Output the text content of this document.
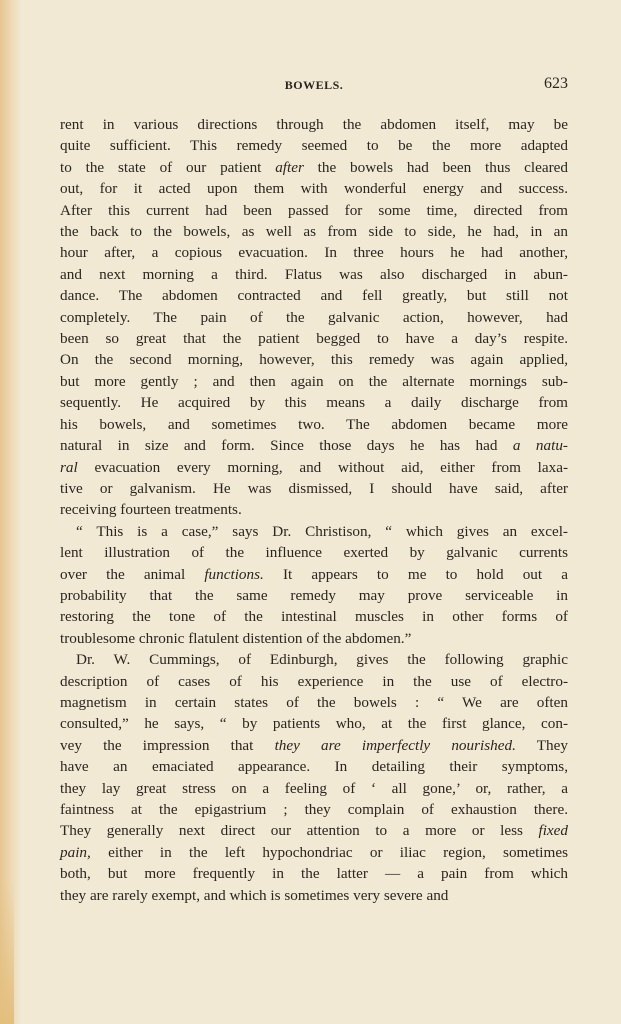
BOWELS.	623

rent in various directions through the abdomen itself, may be
quite sufficient. This remedy seemed to be the more adapted
to the state of our patient after the bowels had been thus cleared
out, for it acted upon them with wonderful energy and success.
After this current had been passed for some time, directed from
the back to the bowels, as well as from side to side, he had, in an
hour after, a copious evacuation. In three hours he had another,
and next morning a third. Flatus was also discharged in abun-
dance. The abdomen contracted and fell greatly, but still not
completely. The pain of the galvanic action, however, had
been so great that the patient begged to have a day’s respite.
On the second morning, however, this remedy was again applied,
but more gently ; and then again on the alternate mornings sub-
sequently. He acquired by this means a daily discharge from
his bowels, and sometimes two. The abdomen became more
natural in size and form. Since those days he has had a natu-
ral evacuation every morning, and without aid, either from laxa-
tive or galvanism. He was dismissed, I should have said, after
receiving fourteen treatments.

“ This is a case,” says Dr. Christison, “ which gives an excel-
lent illustration of the influence exerted by galvanic currents
over the animal functions. It appears to me to hold out a
probability that the same remedy may prove serviceable in
restoring the tone of the intestinal muscles in other forms of
troublesome chronic flatulent distention of the abdomen.”

Dr. W. Cummings, of Edinburgh, gives the following graphic
description of cases of his experience in the use of electro-
magnetism in certain states of the bowels : “ We are often
consulted,” he says, “ by patients who, at the first glance, con-
vey the impression that they are imperfectly nourished. They
have an emaciated appearance. In detailing their symptoms,
they lay great stress on a feeling of ‘ all gone,’ or, rather, a
faintness at the epigastrium ; they complain of exhaustion there.
They generally next direct our attention to a more or less fixed
pain, either in the left hypochondriac or iliac region, sometimes
both, but more frequently in the latter — a pain from which
they are rarely exempt, and which is sometimes very severe and
